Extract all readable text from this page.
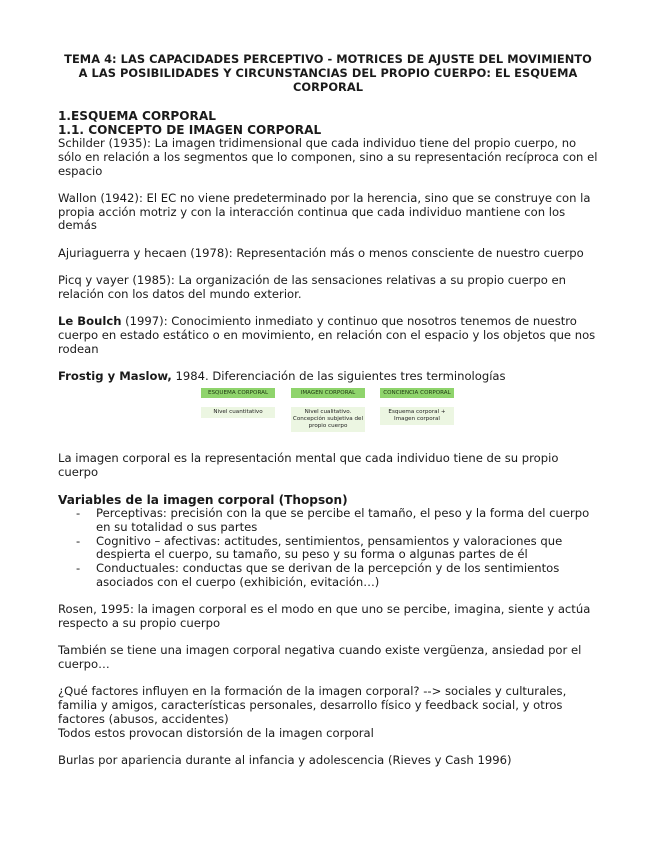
TEMA 4: LAS CAPACIDADES PERCEPTIVO - MOTRICES DE AJUSTE DEL MOVIMIENTO A LAS POSIBILIDADES Y CIRCUNSTANCIAS DEL PROPIO CUERPO: EL ESQUEMA CORPORAL
1.ESQUEMA CORPORAL
1.1. CONCEPTO DE IMAGEN CORPORAL

Schilder (1935): La imagen tridimensional que cada individuo tiene del propio cuerpo, no sólo en relación a los segmentos que lo componen, sino a su representación recíproca con el espacio

Wallon (1942): El EC no viene predeterminado por la herencia, sino que se construye con la propia acción motriz y con la interacción continua que cada individuo mantiene con los demás

Ajuriaguerra y hecaen (1978): Representación más o menos consciente de nuestro cuerpo

Picq y vayer (1985): La organización de las sensaciones relativas a su propio cuerpo en relación con los datos del mundo exterior.

Le Boulch (1997): Conocimiento inmediato y continuo que nosotros tenemos de nuestro cuerpo en estado estático o en movimiento, en relación con el espacio y los objetos que nos rodean

Frostig y Maslow, 1984. Diferenciación de las siguientes tres terminologías

ESQUEMA CORPORAL
Nivel cuantitativo
IMAGEN CORPORAL
Nivel cualitativo. Concepción subjetiva del propio cuerpo
CONCIENCIA CORPORAL
Esquema corporal + Imagen corporal

La imagen corporal es la representación mental que cada individuo tiene de su propio cuerpo

Variables de la imagen corporal (Thopson)
- Perceptivas: precisión con la que se percibe el tamaño, el peso y la forma del cuerpo en su totalidad o sus partes
- Cognitivo – afectivas: actitudes, sentimientos, pensamientos y valoraciones que despierta el cuerpo, su tamaño, su peso y su forma o algunas partes de él
- Conductuales: conductas que se derivan de la percepción y de los sentimientos asociados con el cuerpo (exhibición, evitación…)

Rosen, 1995: la imagen corporal es el modo en que uno se percibe, imagina, siente y actúa respecto a su propio cuerpo

También se tiene una imagen corporal negativa cuando existe vergüenza, ansiedad por el cuerpo…

¿Qué factores influyen en la formación de la imagen corporal? --> sociales y culturales, familia y amigos, características personales, desarrollo físico y feedback social, y otros factores (abusos, accidentes)

Todos estos provocan distorsión de la imagen corporal

Burlas por apariencia durante al infancia y adolescencia (Rieves y Cash 1996)
